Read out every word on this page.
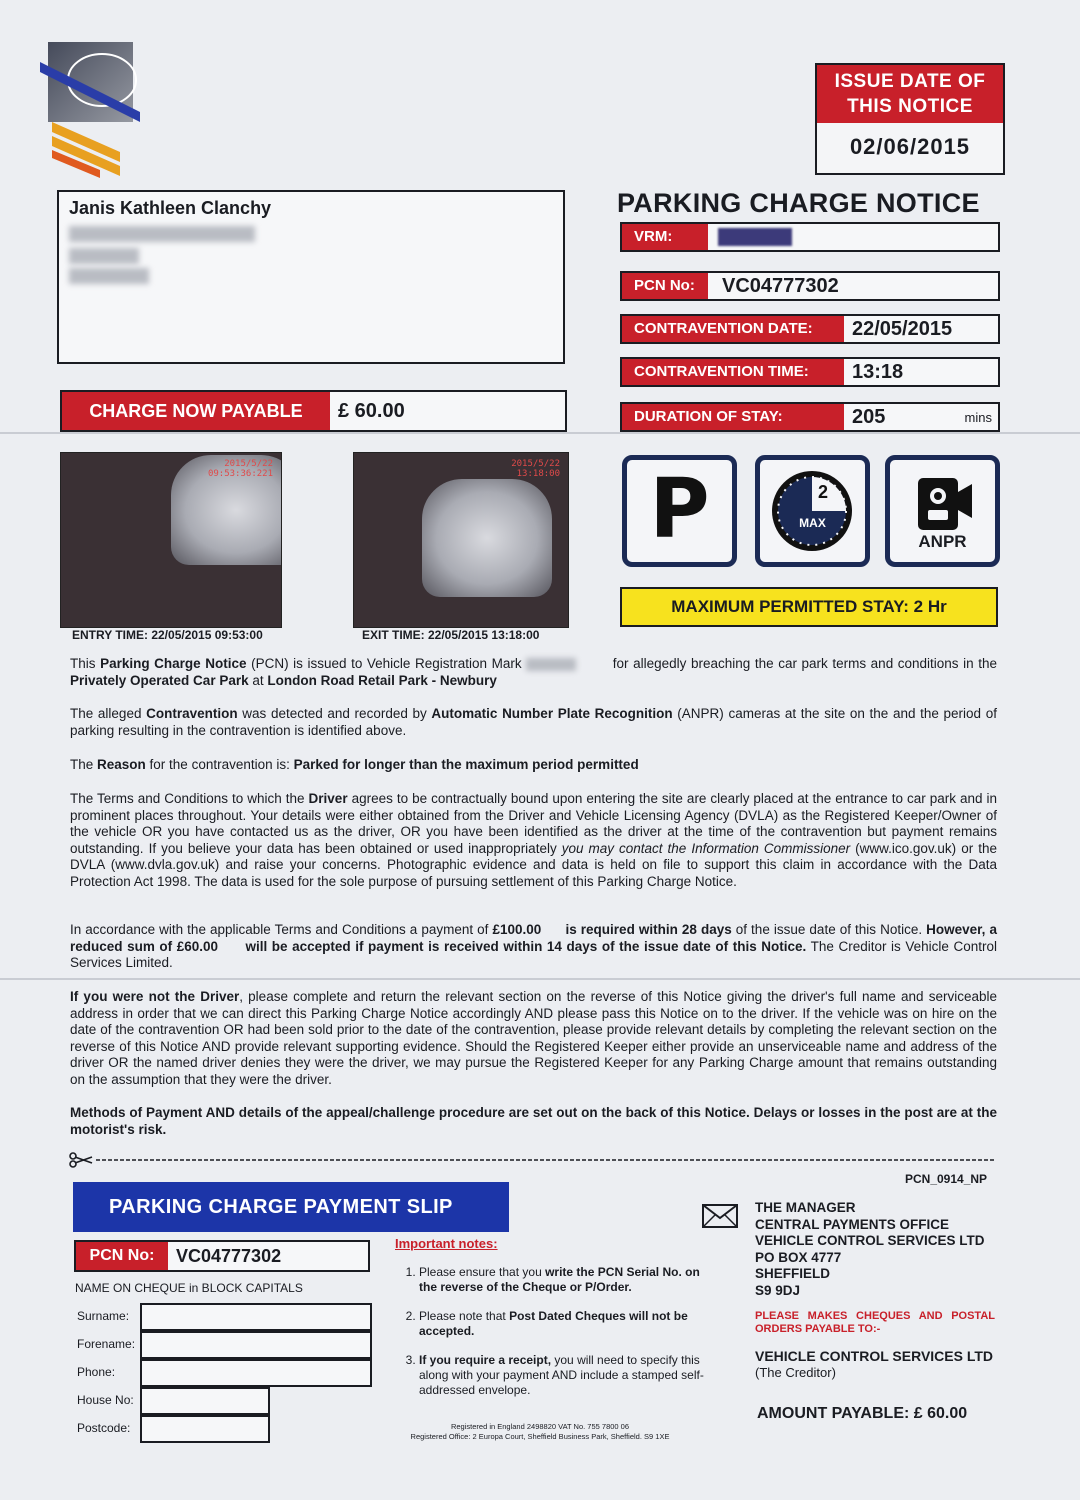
ISSUE DATE OF THIS NOTICE
02/06/2015
Janis Kathleen Clanchy	PARKING CHARGE NOTICE
VRM:	RAJAN
PCN No:	VC04777302
CONTRAVENTION DATE:	22/05/2015
CONTRAVENTION TIME:	13:18
DURATION OF STAY:	205	mins
CHARGE NOW PAYABLE	£ 60.00
2015/5/22
09:53:36:221
2015/5/22
13:18:00
ENTRY TIME: 22/05/2015 09:53:00	EXIT TIME: 22/05/2015 13:18:00
P	2
MAX
ANPR
MAXIMUM PERMITTED STAY: 2 Hr
This Parking Charge Notice (PCN) is issued to Vehicle Registration Mark	for allegedly breaching the car park terms and conditions in the Privately Operated Car Park at London Road Retail Park - Newbury
The alleged Contravention was detected and recorded by Automatic Number Plate Recognition (ANPR) cameras at the site on the and the period of parking resulting in the contravention is identified above.
The Reason for the contravention is: Parked for longer than the maximum period permitted
The Terms and Conditions to which the Driver agrees to be contractually bound upon entering the site are clearly placed at the entrance to car park and in prominent places throughout. Your details were either obtained from the Driver and Vehicle Licensing Agency (DVLA) as the Registered Keeper/Owner of the vehicle OR you have contacted us as the driver, OR you have been identified as the driver at the time of the contravention but payment remains outstanding. If you believe your data has been obtained or used inappropriately you may contact the Information Commissioner (www.ico.gov.uk) or the DVLA (www.dvla.gov.uk) and raise your concerns. Photographic evidence and data is held on file to support this claim in accordance with the Data Protection Act 1998. The data is used for the sole purpose of pursuing settlement of this Parking Charge Notice.
In accordance with the applicable Terms and Conditions a payment of £100.00 is required within 28 days of the issue date of this Notice. However, a reduced sum of £60.00 will be accepted if payment is received within 14 days of the issue date of this Notice. The Creditor is Vehicle Control Services Limited.
If you were not the Driver, please complete and return the relevant section on the reverse of this Notice giving the driver's full name and serviceable address in order that we can direct this Parking Charge Notice accordingly AND please pass this Notice on to the driver. If the vehicle was on hire on the date of the contravention OR had been sold prior to the date of the contravention, please provide relevant details by completing the relevant section on the reverse of this Notice AND provide relevant supporting evidence. Should the Registered Keeper either provide an unserviceable name and address of the driver OR the named driver denies they were the driver, we may pursue the Registered Keeper for any Parking Charge amount that remains outstanding on the assumption that they were the driver.
Methods of Payment AND details of the appeal/challenge procedure are set out on the back of this Notice. Delays or losses in the post are at the motorist's risk.
PCN_0914_NP
PARKING CHARGE PAYMENT SLIP
PCN No:	VC04777302
NAME ON CHEQUE in BLOCK CAPITALS
Surname:
Forename:
Phone:
House No:
Postcode:
Important notes:
1. Please ensure that you write the PCN Serial No. on the reverse of the Cheque or P/Order.
2. Please note that Post Dated Cheques will not be accepted.
3. If you require a receipt, you will need to specify this along with your payment AND include a stamped self-addressed envelope.
THE MANAGER
CENTRAL PAYMENTS OFFICE
VEHICLE CONTROL SERVICES LTD
PO BOX 4777
SHEFFIELD
S9 9DJ
PLEASE MAKES CHEQUES AND POSTAL ORDERS PAYABLE TO:-
VEHICLE CONTROL SERVICES LTD
(The Creditor)
AMOUNT PAYABLE: £ 60.00
Registered in England 2498820 VAT No. 755 7800 06
Registered Office: 2 Europa Court, Sheffield Business Park, Sheffield. S9 1XE
